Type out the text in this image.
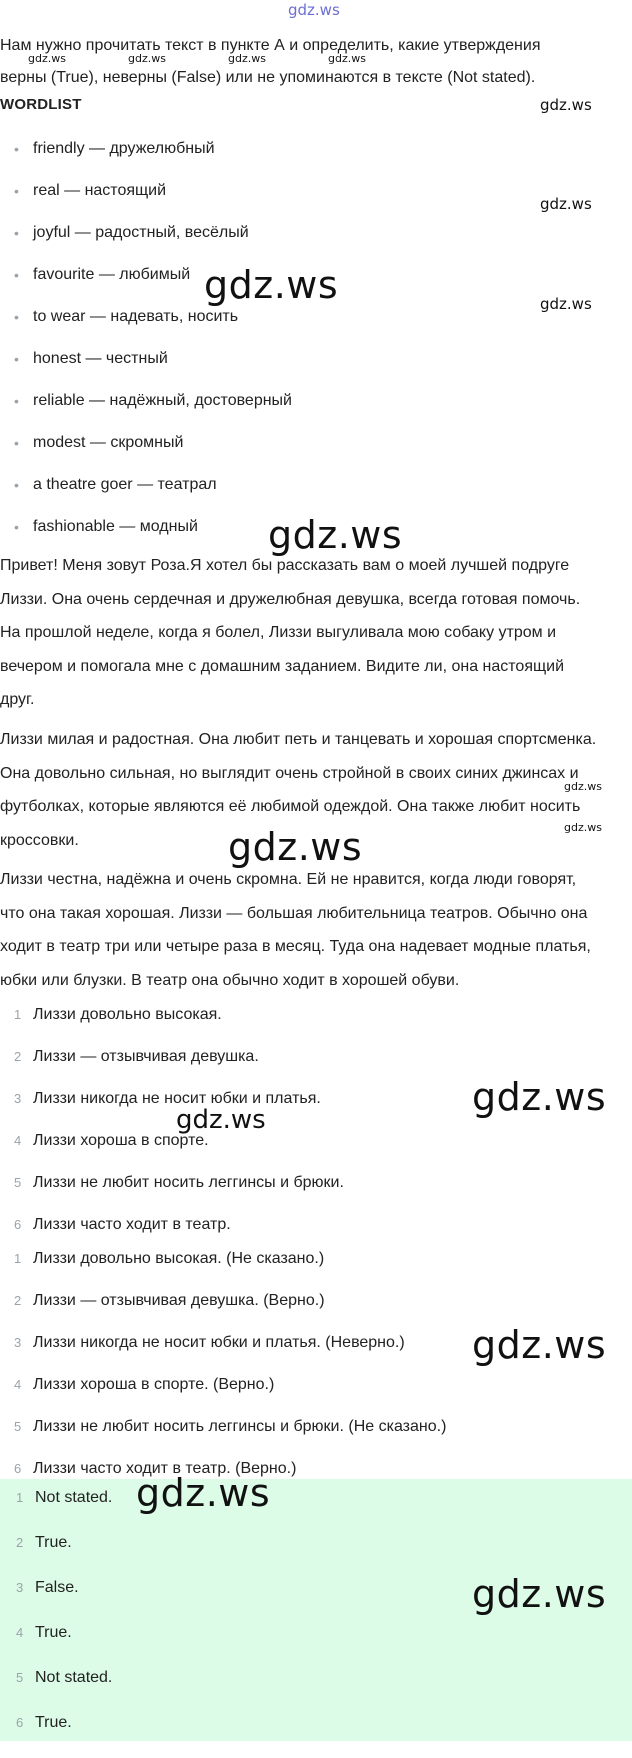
gdz.ws
Нам нужно прочитать текст в пункте А и определить, какие утверждения
верны (True), неверны (False) или не упоминаются в тексте (Not stated).
gdz.ws	gdz.ws	gdz.ws	gdz.ws
WORDLIST
• friendly — дружелюбный
• real — настоящий
• joyful — радостный, весёлый
• favourite — любимый
• to wear — надевать, носить
• honest — честный
• reliable — надёжный, достоверный
• modest — скромный
• a theatre goer — театрал
• fashionable — модный
gdz.ws
gdz.ws
gdz.ws
gdz.ws
gdz.ws
Привет! Меня зовут Роза.Я хотел бы рассказать вам о моей лучшей подруге
Лиззи. Она очень сердечная и дружелюбная девушка, всегда готовая помочь.
На прошлой неделе, когда я болел, Лиззи выгуливала мою собаку утром и
вечером и помогала мне с домашним заданием. Видите ли, она настоящий
друг.
Лиззи милая и радостная. Она любит петь и танцевать и хорошая спортсменка.
Она довольно сильная, но выглядит очень стройной в своих синих джинсах и
футболках, которые являются её любимой одеждой. Она также любит носить
кроссовки.
gdz.ws
gdz.ws
gdz.ws
Лиззи честна, надёжна и очень скромна. Ей не нравится, когда люди говорят,
что она такая хорошая. Лиззи — большая любительница театров. Обычно она
ходит в театр три или четыре раза в месяц. Туда она надевает модные платья,
юбки или блузки. В театр она обычно ходит в хорошей обуви.
1 Лиззи довольно высокая.
2 Лиззи — отзывчивая девушка.
3 Лиззи никогда не носит юбки и платья.
4 Лиззи хороша в спорте.
5 Лиззи не любит носить леггинсы и брюки.
6 Лиззи часто ходит в театр.
gdz.ws
gdz.ws
1 Лиззи довольно высокая. (Не сказано.)
2 Лиззи — отзывчивая девушка. (Верно.)
3 Лиззи никогда не носит юбки и платья. (Неверно.)
4 Лиззи хороша в спорте. (Верно.)
5 Лиззи не любит носить леггинсы и брюки. (Не сказано.)
6 Лиззи часто ходит в театр. (Верно.)
gdz.ws
1 Not stated.
2 True.
3 False.
4 True.
5 Not stated.
6 True.
gdz.ws
gdz.ws
